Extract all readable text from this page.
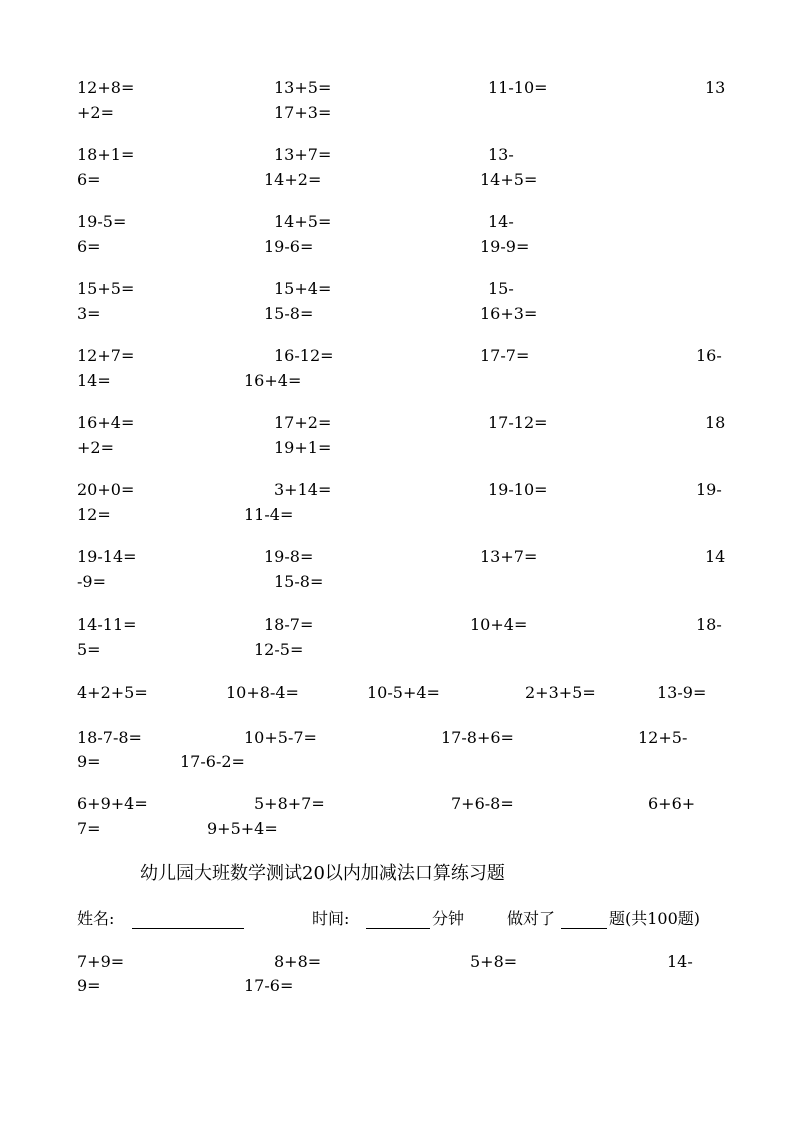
12+8=	13+5=	11-10=	13
+2=	17+3=
18+1=	13+7=	13-
6=	14+2=	14+5=
19-5=	14+5=	14-
6=	19-6=	19-9=
15+5=	15+4=	15-
3=	15-8=	16+3=
12+7=	16-12=	17-7=	16-
14=	16+4=
16+4=	17+2=	17-12=	18
+2=	19+1=
20+0=	3+14=	19-10=	19-
12=	11-4=
19-14=	19-8=	13+7=	14
-9=	15-8=
14-11=	18-7=	10+4=	18-
5=	12-5=
4+2+5=	10+8-4=	10-5+4=	2+3+5=	13-9=
18-7-8=	10+5-7=	17-8+6=	12+5-
9=	17-6-2=
6+9+4=	5+8+7=	7+6-8=	6+6+
7=	9+5+4=
幼儿园大班数学测试20以内加减法口算练习题
姓名:	时间:	分钟	做对了	题(共100题)
7+9=	8+8=	5+8=	14-
9=	17-6=
